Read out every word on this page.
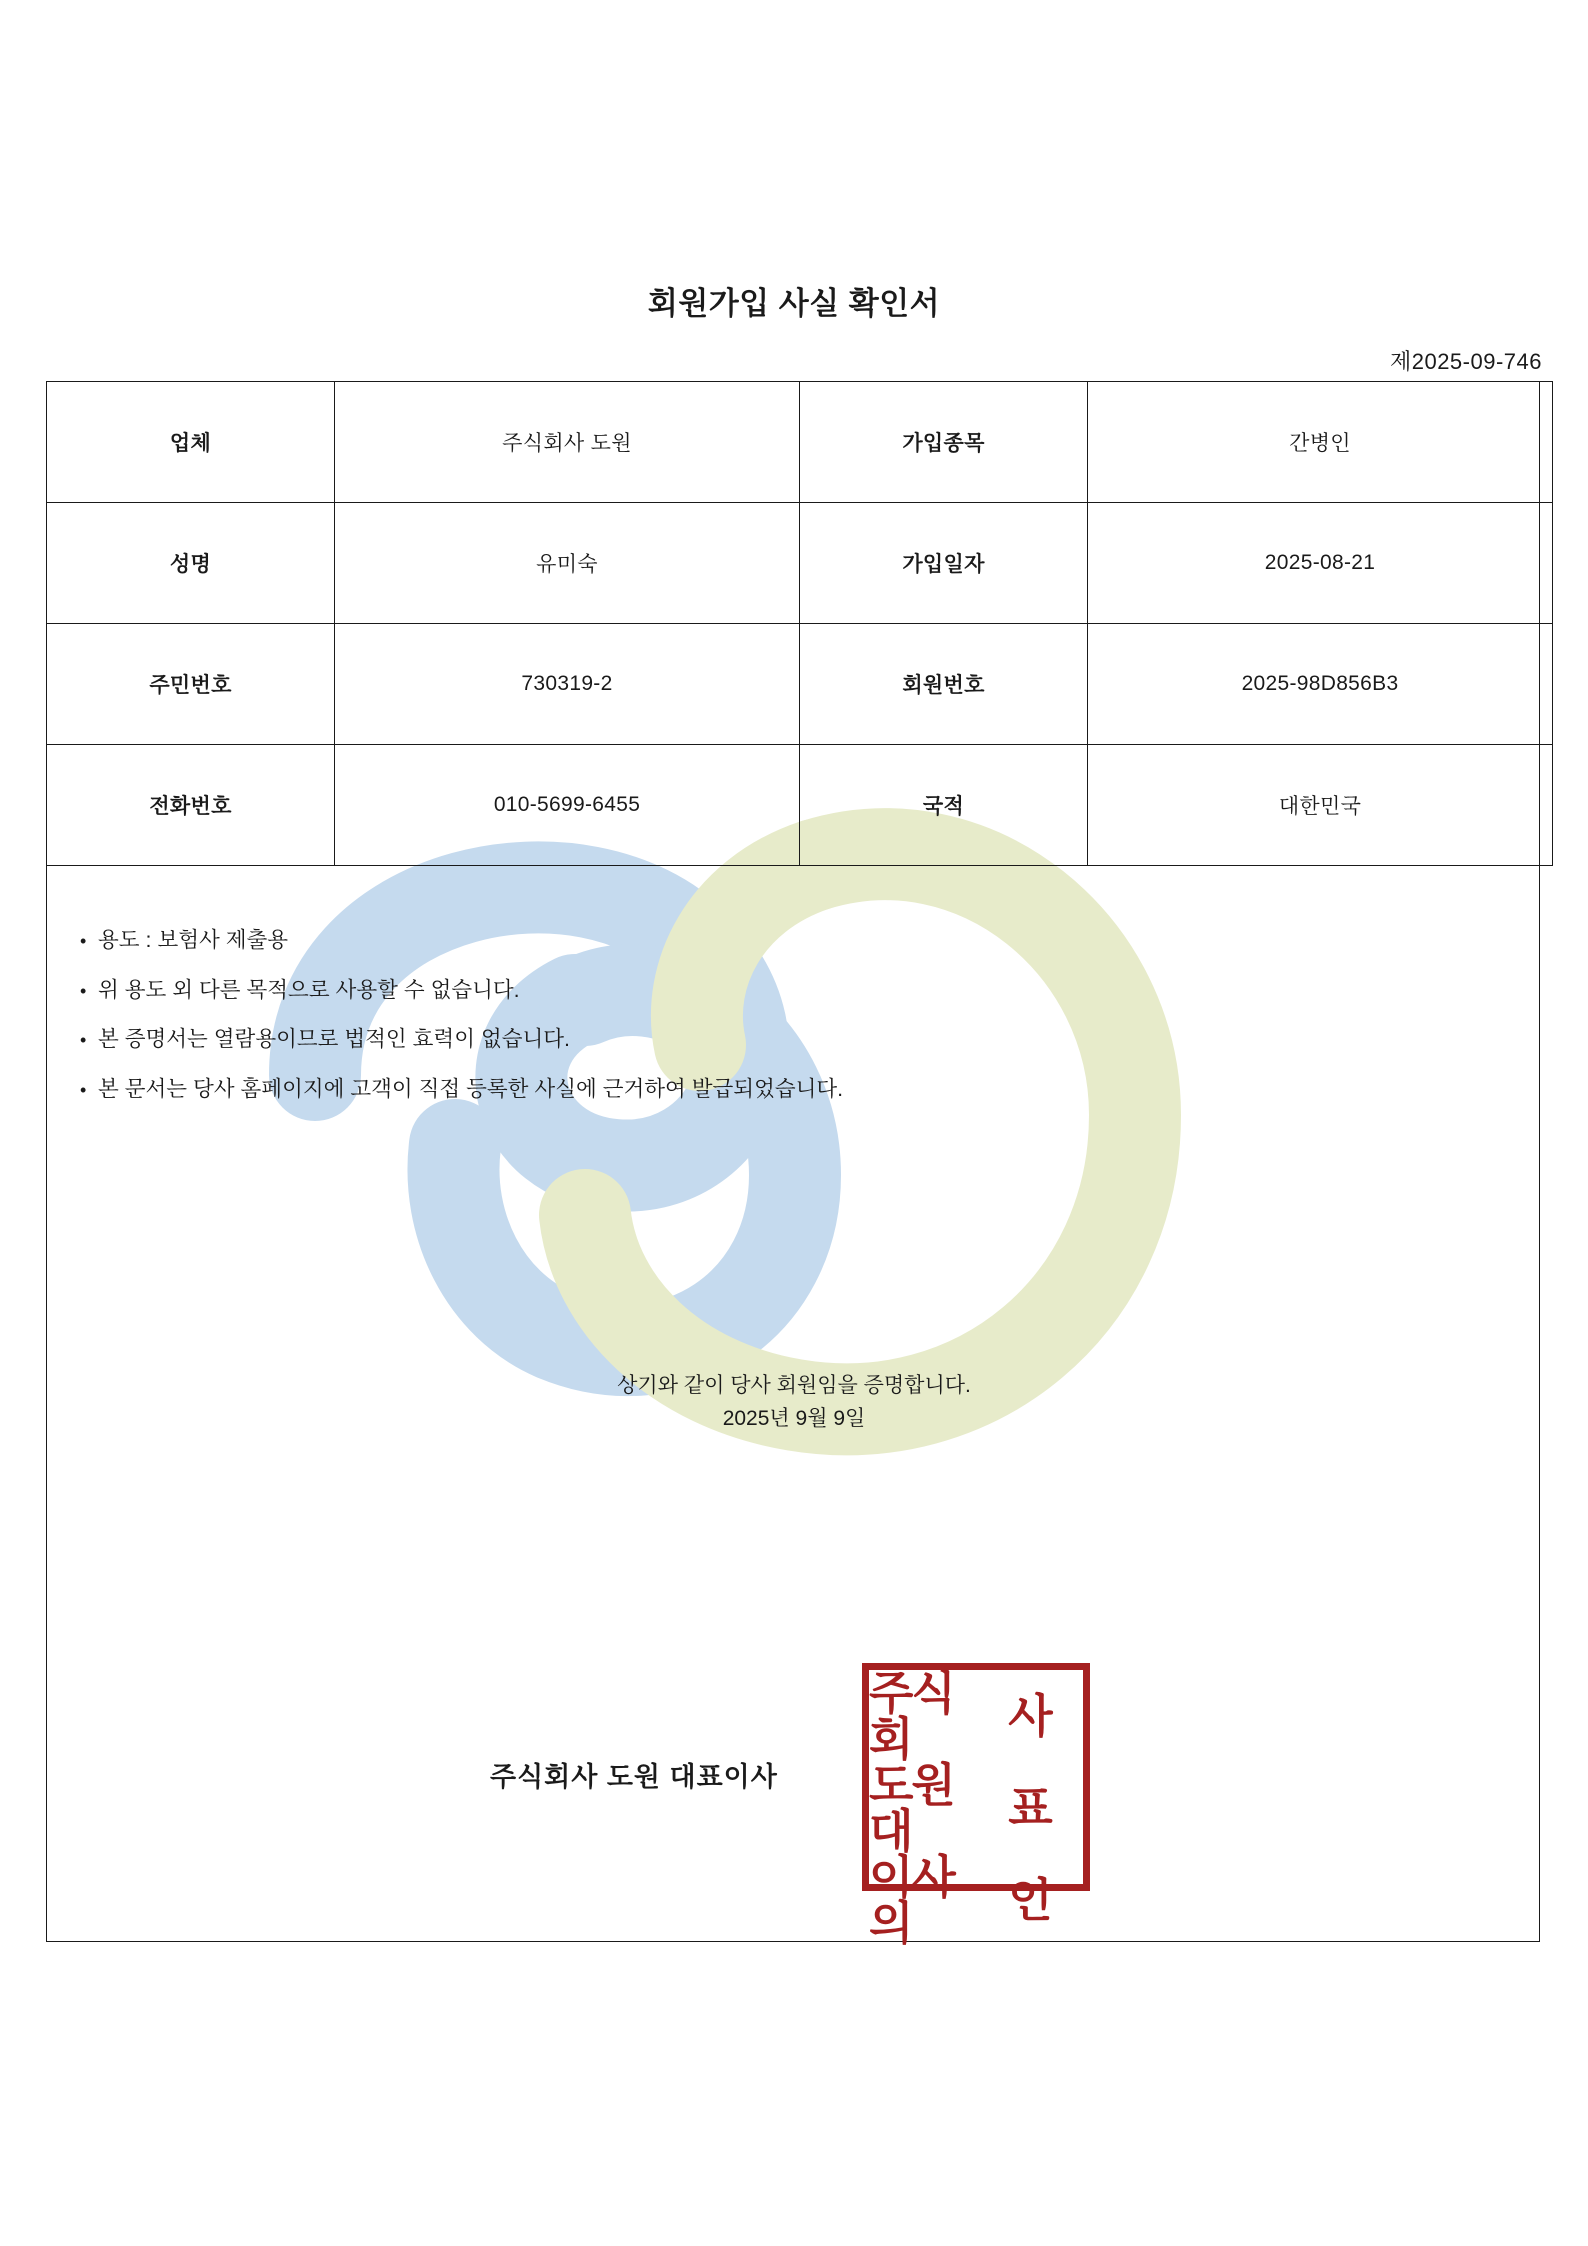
회원가입 사실 확인서
제2025-09-746
업체	주식회사 도원	가입종목	간병인
성명	유미숙	가입일자	2025-08-21
주민번호	730319-2	회원번호	2025-98D856B3
전화번호	010-5699-6455	국적	대한민국
• 용도 : 보험사 제출용
• 위 용도 외 다른 목적으로 사용할 수 없습니다.
• 본 증명서는 열람용이므로 법적인 효력이 없습니다.
• 본 문서는 당사 홈페이지에 고객이 직접 등록한 사실에 근거하여 발급되었습니다.
상기와 같이 당사 회원임을 증명합니다.
2025년 9월 9일
주식회사 도원 대표이사
주식회	사
도원대	표
이사의	인
